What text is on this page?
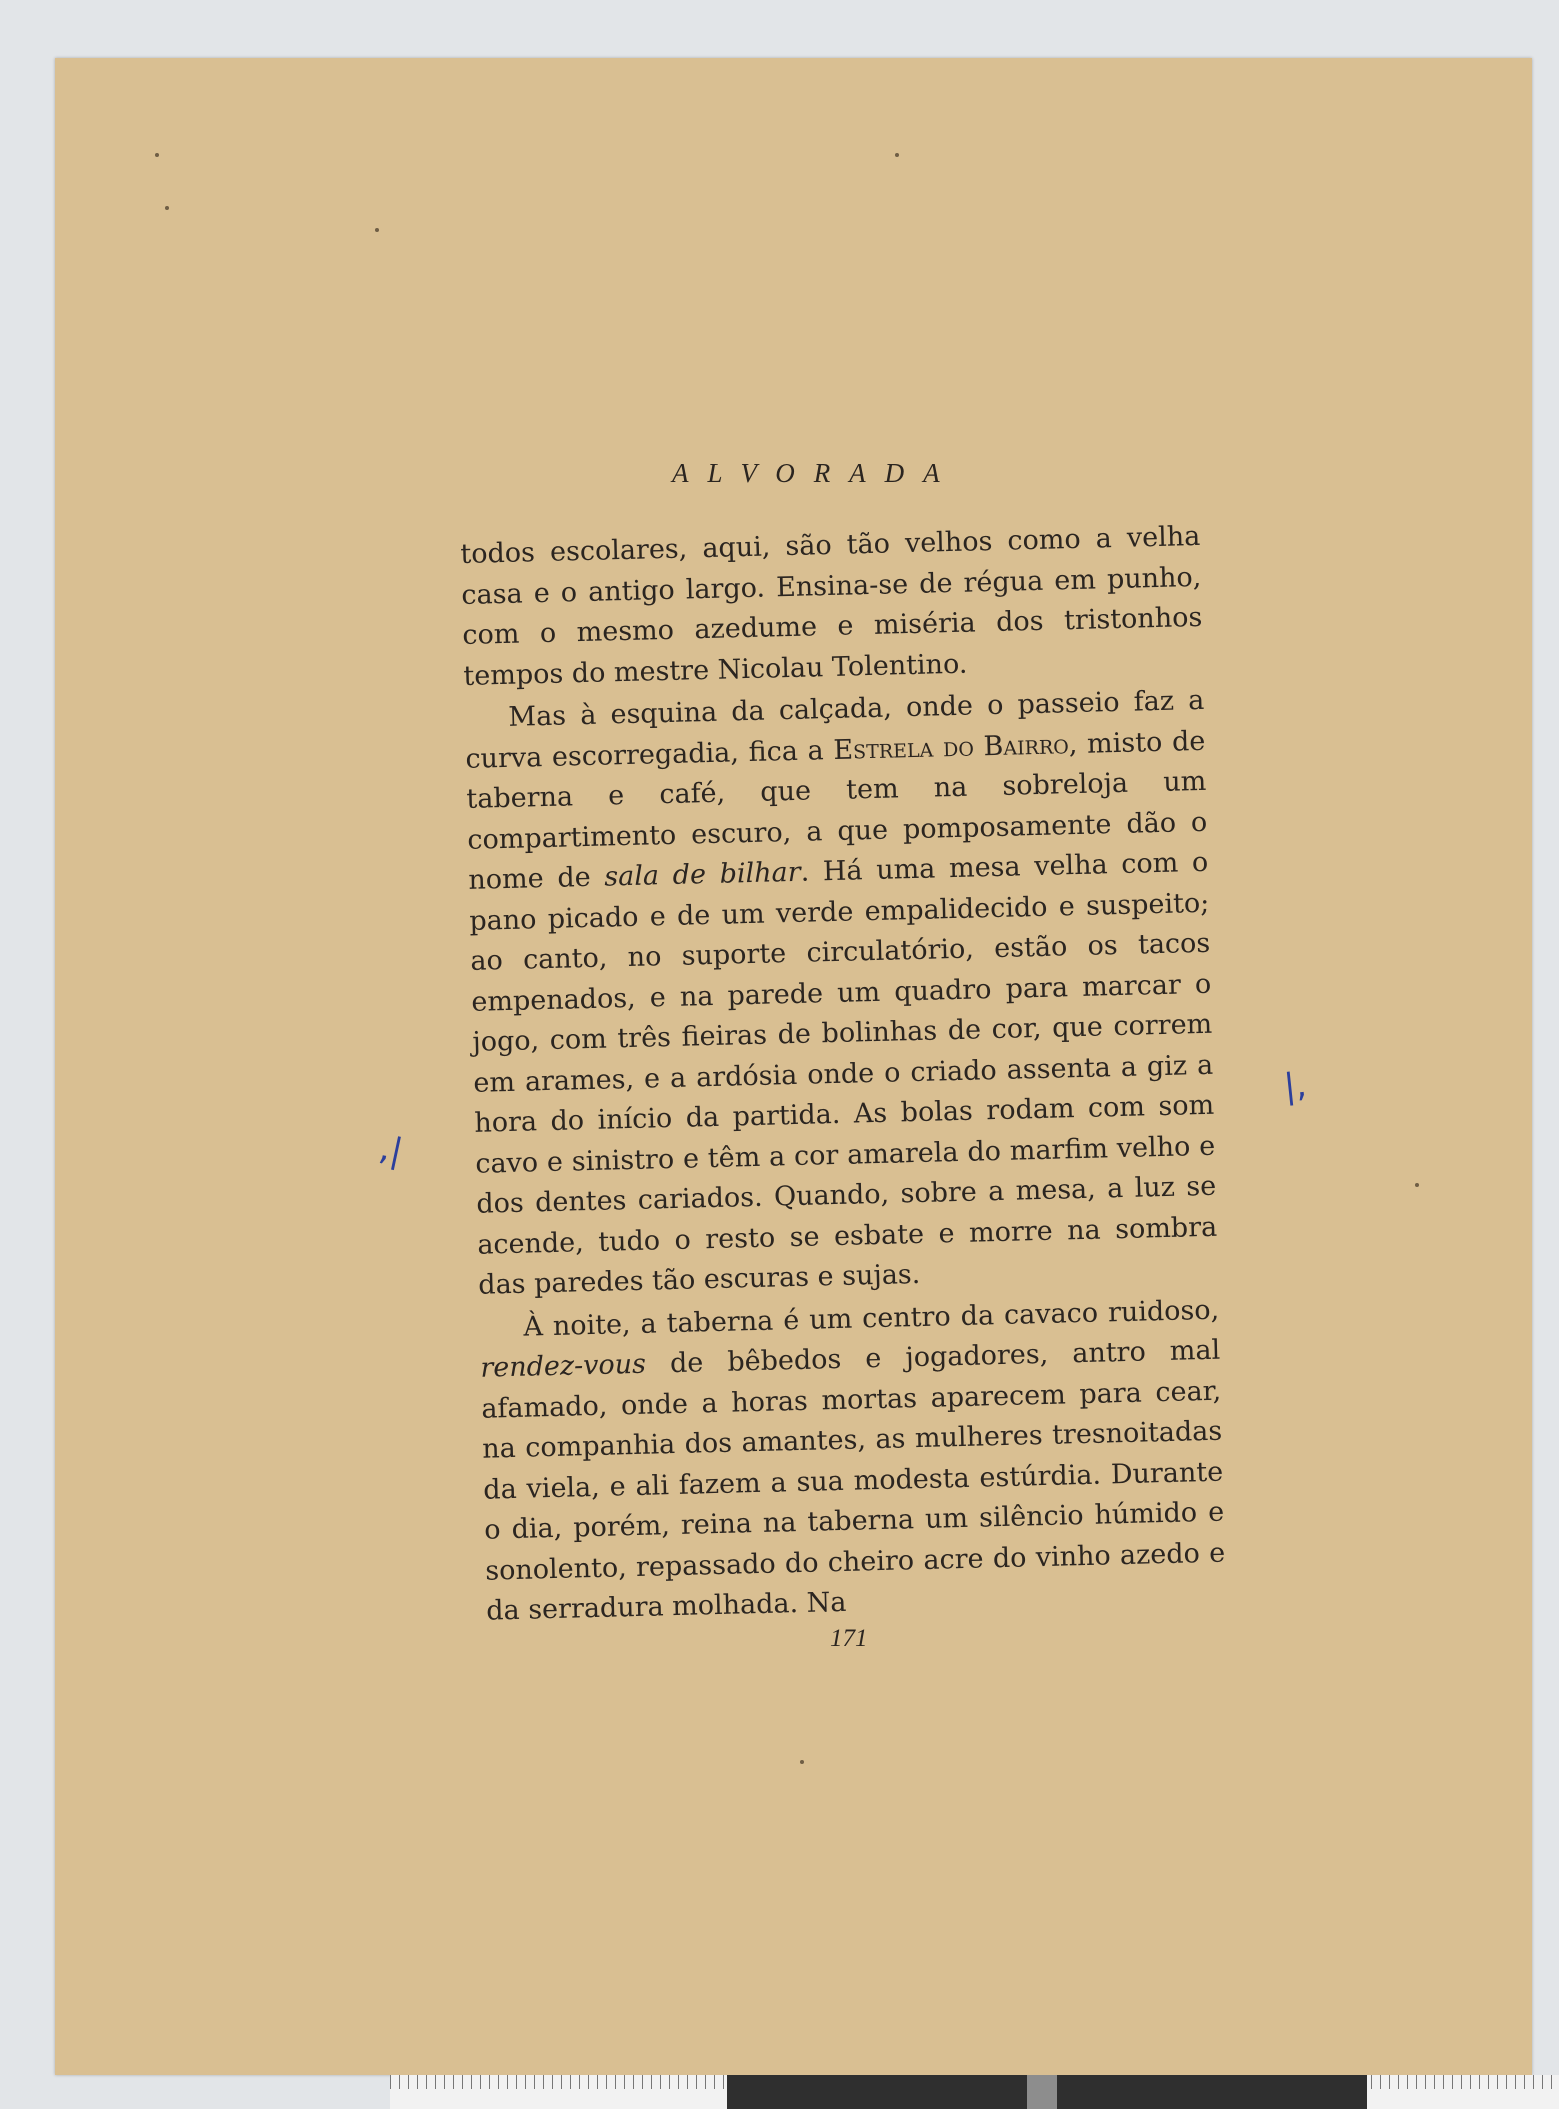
ALVORADA

todos escolares, aqui, são tão velhos como a velha casa e o antigo largo. Ensina-se de régua em punho, com o mesmo azedume e miséria dos tristonhos tempos do mestre Nicolau Tolentino.

Mas à esquina da calçada, onde o passeio faz a curva escorregadia, fica a Estrela do Bairro, misto de taberna e café, que tem na sobreloja um compartimento escuro, a que pomposamente dão o nome de sala de bilhar. Há uma mesa velha com o pano picado e de um verde empalidecido e suspeito; ao canto, no suporte circulatório, estão os tacos empenados, e na parede um quadro para marcar o jogo, com três fieiras de bolinhas de cor, que correm em arames, e a ardósia onde o criado assenta a giz a hora do início da partida. As bolas rodam com som cavo e sinistro e têm a cor amarela do marfim velho e dos dentes cariados. Quando, sobre a mesa, a luz se acende, tudo o resto se esbate e morre na sombra das paredes tão escuras e sujas.

À noite, a taberna é um centro da cavaco ruidoso, rendez-vous de bêbedos e jogadores, antro mal afamado, onde a horas mortas aparecem para cear, na companhia dos amantes, as mulheres tresnoitadas da viela, e ali fazem a sua modesta estúrdia. Durante o dia, porém, reina na taberna um silêncio húmido e sonolento, repassado do cheiro acre do vinho azedo e da serradura molhada. Na

,|
|,
171
